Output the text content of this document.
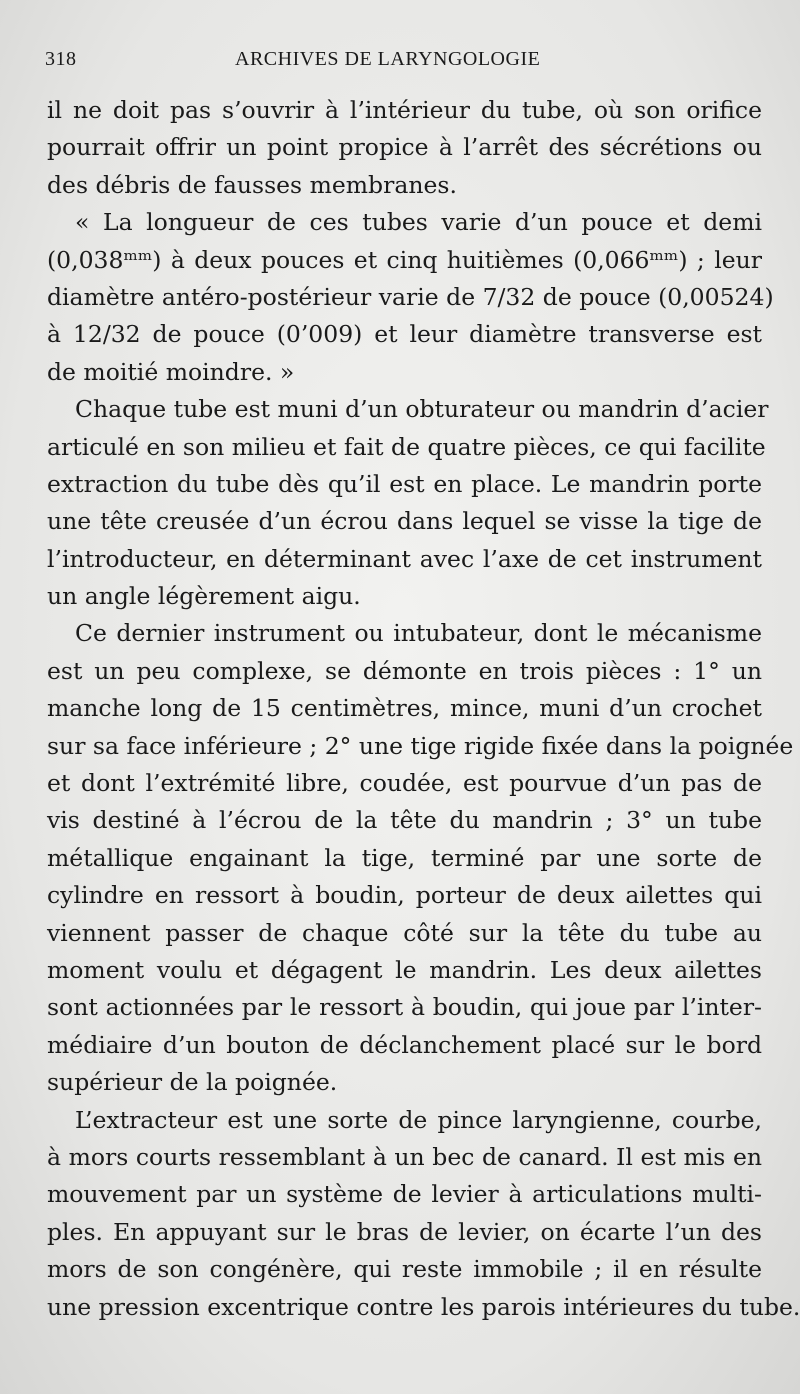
318	ARCHIVES DE LARYNGOLOGIE
il ne doit pas s’ouvrir à l’intérieur du tube, où son orifice
pourrait offrir un point propice à l’arrêt des sécrétions ou
des débris de fausses membranes.
« La longueur de ces tubes varie d’un pouce et demi
(0,038ᵐᵐ) à deux pouces et cinq huitièmes (0,066ᵐᵐ) ; leur
diamètre antéro-postérieur varie de 7/32 de pouce (0,00524)
à 12/32 de pouce (0’009) et leur diamètre transverse est
de moitié moindre. »
Chaque tube est muni d’un obturateur ou mandrin d’acier
articulé en son milieu et fait de quatre pièces, ce qui facilite
extraction du tube dès qu’il est en place. Le mandrin porte
une tête creusée d’un écrou dans lequel se visse la tige de
l’introducteur, en déterminant avec l’axe de cet instrument
un angle légèrement aigu.
Ce dernier instrument ou intubateur, dont le mécanisme
est un peu complexe, se démonte en trois pièces : 1° un
manche long de 15 centimètres, mince, muni d’un crochet
sur sa face inférieure ; 2° une tige rigide fixée dans la poignée
et dont l’extrémité libre, coudée, est pourvue d’un pas de
vis destiné à l’écrou de la tête du mandrin ; 3° un tube
métallique engainant la tige, terminé par une sorte de
cylindre en ressort à boudin, porteur de deux ailettes qui
viennent passer de chaque côté sur la tête du tube au
moment voulu et dégagent le mandrin. Les deux ailettes
sont actionnées par le ressort à boudin, qui joue par l’inter-
médiaire d’un bouton de déclanchement placé sur le bord
supérieur de la poignée.
L’extracteur est une sorte de pince laryngienne, courbe,
à mors courts ressemblant à un bec de canard. Il est mis en
mouvement par un système de levier à articulations multi-
ples. En appuyant sur le bras de levier, on écarte l’un des
mors de son congénère, qui reste immobile ; il en résulte
une pression excentrique contre les parois intérieures du tube.
